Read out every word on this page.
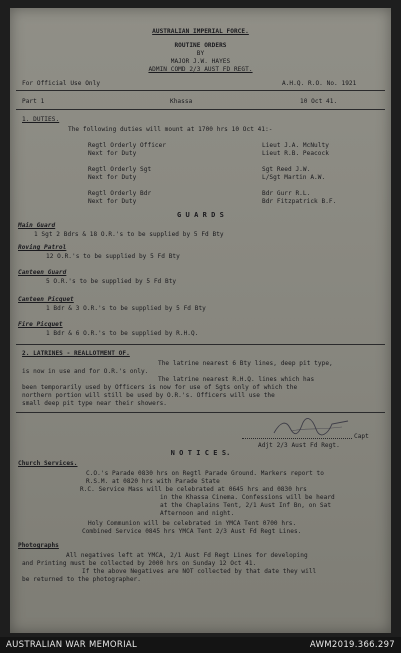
AUSTRALIAN IMPERIAL FORCE.
ROUTINE ORDERS
BY
MAJOR J.W. HAYES
ADMIN COMD 2/3 AUST FD REGT.
For Official Use Only	A.H.Q. R.O. No. 1921
Part 1	Khassa	10 Oct 41.
1. DUTIES.
The following duties will mount at 1700 hrs 10 Oct 41:-
Regtl Orderly Officer	Lieut J.A. McNulty
Next for Duty	Lieut R.B. Peacock
Regtl Orderly Sgt	Sgt Reed J.W.
Next for Duty	L/Sgt Martin A.W.
Regtl Orderly Bdr	Bdr Gurr R.L.
Next for Duty	Bdr Fitzpatrick B.F.
G U A R D S
Main Guard
1 Sgt 2 Bdrs & 18 O.R.'s to be supplied by 5 Fd Bty
Roving Patrol
12 O.R.'s to be supplied by 5 Fd Bty
Canteen Guard
5 O.R.'s to be supplied by 5 Fd Bty
Canteen Picquet
1 Bdr & 3 O.R.'s to be supplied by 5 Fd Bty
Fire Picquet
1 Bdr & 6 O.R.'s to be supplied by R.H.Q.
2. LATRINES - REALLOTMENT OF.
The latrine nearest 6 Bty lines, deep pit type,
is now in use and for O.R.'s only.
The latrine nearest R.H.Q. lines which has
been temporarily used by Officers is now for use of Sgts only of which the
northern portion will still be used by O.R.'s. Officers will use the
small deep pit type near their showers.
Capt
Adjt 2/3 Aust Fd Regt.
N O T I C E S.
Church Services.
C.O.'s Parade 0830 hrs on Regtl Parade Ground. Markers report to
R.S.M. at 0820 hrs with Parade State
R.C. Service Mass will be celebrated at 0645 hrs and 0830 hrs
in the Khassa Cinema. Confessions will be heard
at the Chaplains Tent, 2/1 Aust Inf Bn, on Sat
Afternoon and night.
Holy Communion will be celebrated in YMCA Tent 0700 hrs.
Combined Service 0845 hrs YMCA Tent 2/3 Aust Fd Regt Lines.
Photographs
All negatives left at YMCA, 2/1 Aust Fd Regt Lines for developing
and Printing must be collected by 2000 hrs on Sunday 12 Oct 41.
If the above Negatives are NOT collected by that date they will
be returned to the photographer.
AUSTRALIAN WAR MEMORIAL	AWM2019.366.297
